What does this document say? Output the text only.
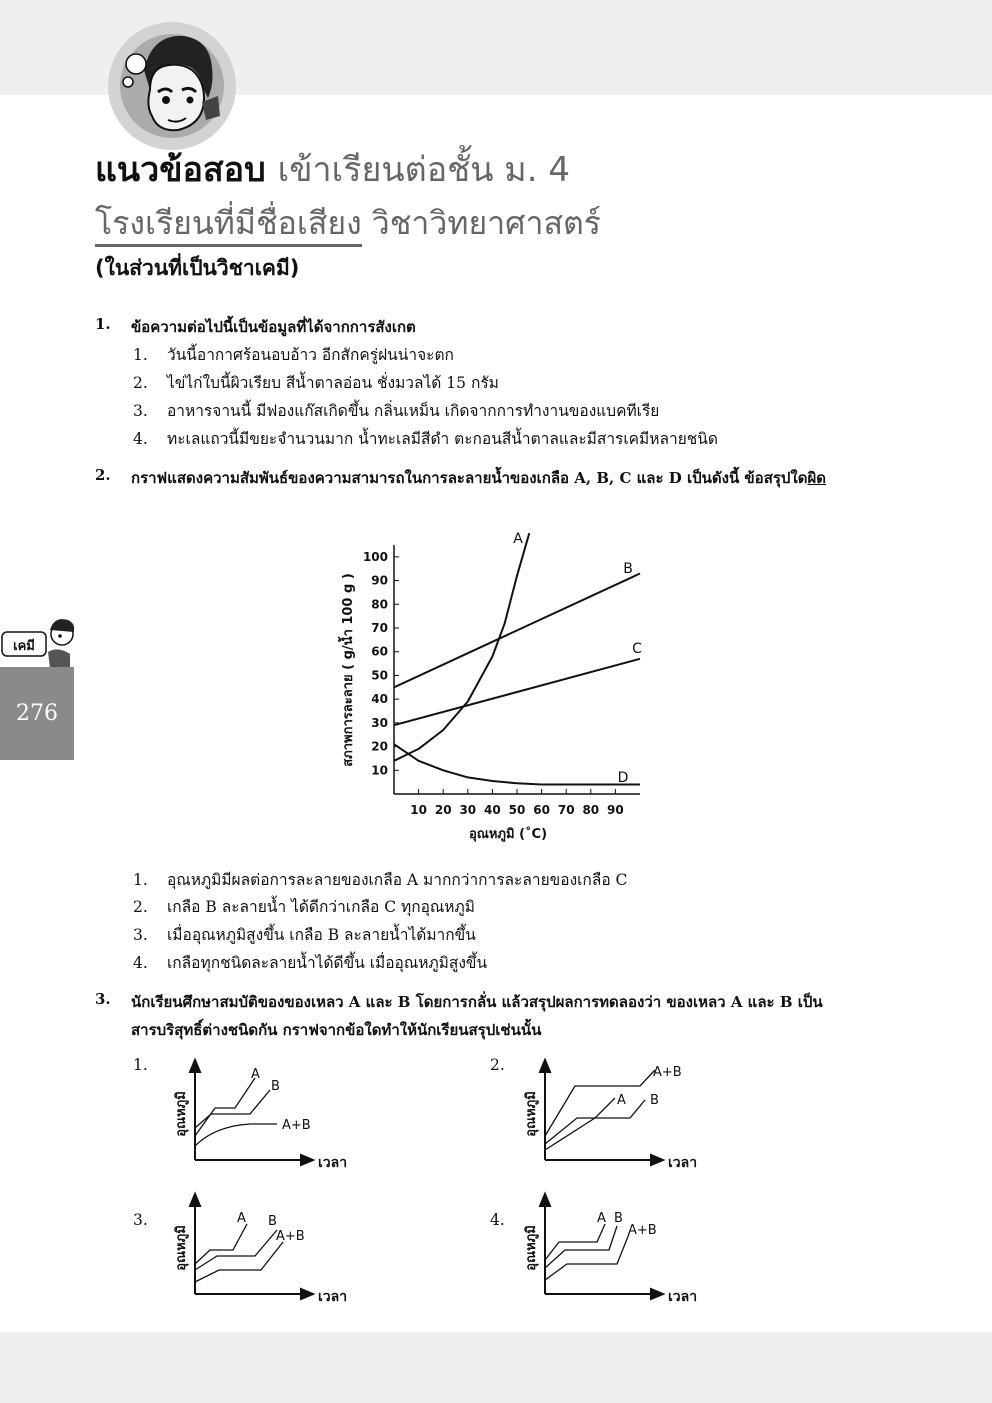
แนวข้อสอบ เข้าเรียนต่อชั้น ม. 4
โรงเรียนที่มีชื่อเสียง วิชาวิทยาศาสตร์
(ในส่วนที่เป็นวิชาเคมี)
เคมี
276
1. ข้อความต่อไปนี้เป็นข้อมูลที่ได้จากการสังเกต
1. วันนี้อากาศร้อนอบอ้าว อีกสักครู่ฝนน่าจะตก
2. ไข่ไก่ใบนี้ผิวเรียบ สีน้ำตาลอ่อน ชั่งมวลได้ 15 กรัม
3. อาหารจานนี้ มีฟองแก๊สเกิดขึ้น กลิ่นเหม็น เกิดจากการทำงานของแบคทีเรีย
4. ทะเลแถวนี้มีขยะจำนวนมาก น้ำทะเลมีสีดำ ตะกอนสีน้ำตาลและมีสารเคมีหลายชนิด
2. กราฟแสดงความสัมพันธ์ของความสามารถในการละลายน้ำของเกลือ A, B, C และ D เป็นดังนี้ ข้อสรุปใดผิด
10 20 30 40 50 60 70 80 90
10
20
30
40
50
60
70
80
90
100
A
B
C
D
สภาพการละลาย ( g/น้ำ 100 g )
อุณหภูมิ (˚C)
1. อุณหภูมิมีผลต่อการละลายของเกลือ A มากกว่าการละลายของเกลือ C
2. เกลือ B ละลายน้ำ ได้ดีกว่าเกลือ C ทุกอุณหภูมิ
3. เมื่ออุณหภูมิสูงขึ้น เกลือ B ละลายน้ำได้มากขึ้น
4. เกลือทุกชนิดละลายน้ำได้ดีขึ้น เมื่ออุณหภูมิสูงขึ้น
3. นักเรียนศึกษาสมบัติของของเหลว A และ B โดยการกลั่น แล้วสรุปผลการทดลองว่า ของเหลว A และ B เป็น
สารบริสุทธิ์ต่างชนิดกัน กราฟจากข้อใดทำให้นักเรียนสรุปเช่นนั้น
1.
อุณหภูมิ
เวลา
A
B
A+B
2.
อุณหภูมิ
เวลา
A+B
A B
3.
อุณหภูมิ
เวลา
A B
A+B
4.
อุณหภูมิ
เวลา
A B
A+B
